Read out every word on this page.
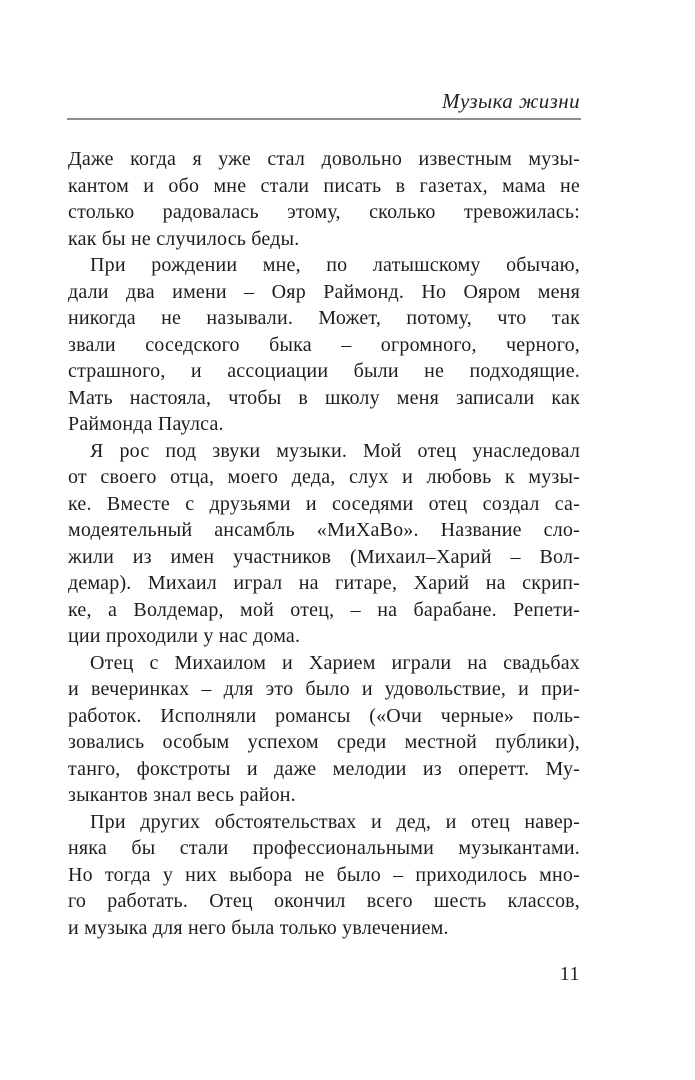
Музыка жизни
Даже когда я уже стал довольно известным музы-
кантом и обо мне стали писать в газетах, мама не
столько радовалась этому, сколько тревожилась:
как бы не случилось беды.
При рождении мне, по латышскому обычаю,
дали два имени – Ояр Раймонд. Но Ояром меня
никогда не называли. Может, потому, что так
звали соседского быка – огромного, черного,
страшного, и ассоциации были не подходящие.
Мать настояла, чтобы в школу меня записали как
Раймонда Паулса.
Я рос под звуки музыки. Мой отец унаследовал
от своего отца, моего деда, слух и любовь к музы-
ке. Вместе с друзьями и соседями отец создал са-
модеятельный ансамбль «МиХаВо». Название сло-
жили из имен участников (Михаил–Харий – Вол-
демар). Михаил играл на гитаре, Харий на скрип-
ке, а Волдемар, мой отец, – на барабане. Репети-
ции проходили у нас дома.
Отец с Михаилом и Харием играли на свадьбах
и вечеринках – для это было и удовольствие, и при-
работок. Исполняли романсы («Очи черные» поль-
зовались особым успехом среди местной публики),
танго, фокстроты и даже мелодии из оперетт. Му-
зыкантов знал весь район.
При других обстоятельствах и дед, и отец навер-
няка бы стали профессиональными музыкантами.
Но тогда у них выбора не было – приходилось мно-
го работать. Отец окончил всего шесть классов,
и музыка для него была только увлечением.
11
